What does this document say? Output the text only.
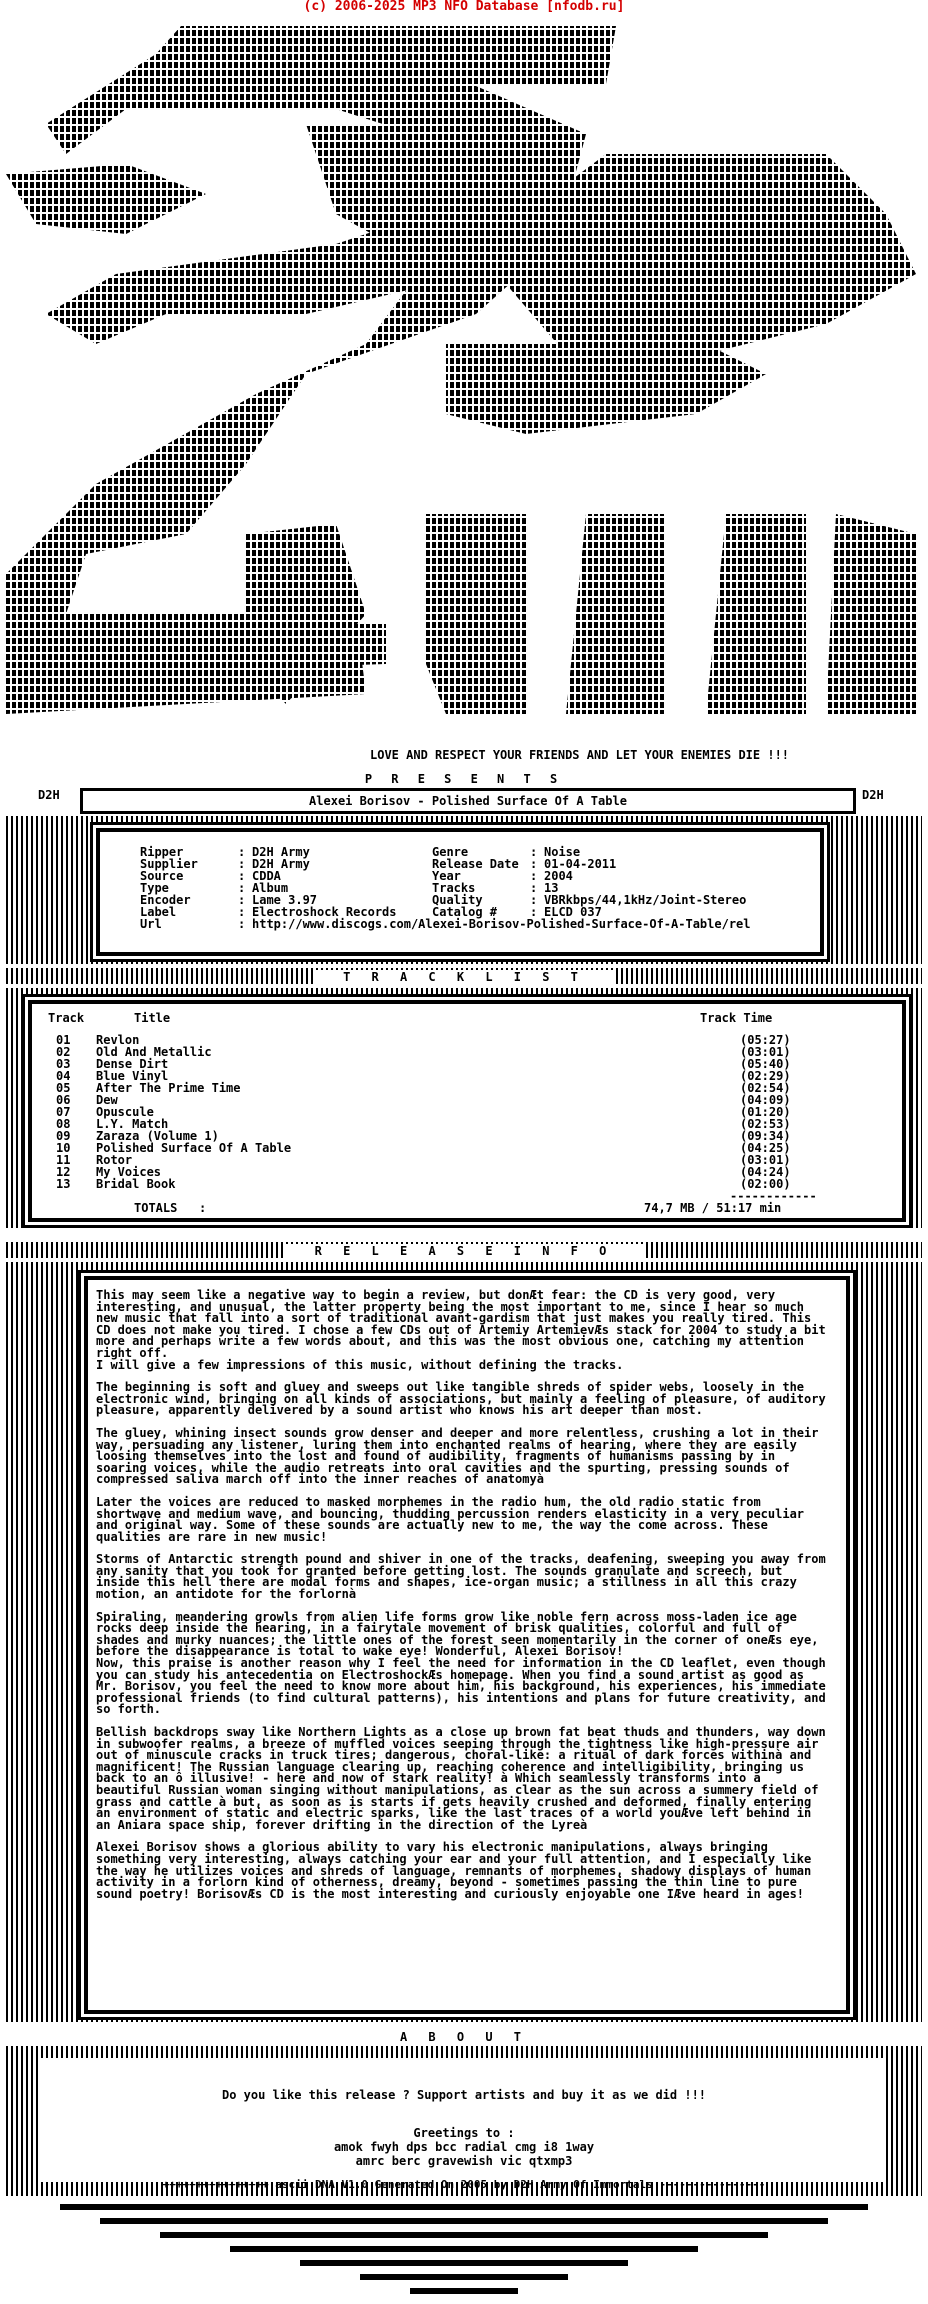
(c) 2006-2025 MP3 NFO Database [nfodb.ru]
LOVE AND RESPECT YOUR FRIENDS AND LET YOUR ENEMIES DIE !!!
P R E S E N T S
D2H	Alexei Borisov - Polished Surface Of A Table	D2H
Ripper	: D2H Army
Supplier	: D2H Army
Source	: CDDA
Type	: Album
Encoder	: Lame 3.97
Label	: Electroshock Records
Url	: http://www.discogs.com/Alexei-Borisov-Polished-Surface-Of-A-Table/rel
Genre	: Noise
Release Date : 01-04-2011
Year	: 2004
Tracks	: 13
Quality	: VBRkbps/44,1kHz/Joint-Stereo
Catalog #	: ELCD 037
T R A C K L I S T
Track	Title	Track Time
01 Revlon	(05:27)
02 Old And Metallic	(03:01)
03 Dense Dirt	(05:40)
04 Blue Vinyl	(02:29)
05 After The Prime Time	(02:54)
06 Dew	(04:09)
07 Opuscule	(01:20)
08 L.Y. Match	(02:53)
09 Zaraza (Volume 1)	(09:34)
10 Polished Surface Of A Table	(04:25)
11 Rotor	(03:01)
12 My Voices	(04:24)
13 Bridal Book	(02:00)
------------
TOTALS   :	74,7 MB / 51:17 min
R E L E A S E I N F O

This may seem like a negative way to begin a review, but donÆt fear: the CD is very good, very interesting, and unusual, the latter property being the most important to me, since I hear so much new music that fall into a sort of traditional avant-gardism that just makes you really tired. This CD does not make you tired. I chose a few CDs out of Artemiy ArtemievÆs stack for 2004 to study a bit more and perhaps write a few words about, and this was the most obvious one, catching my attention right off.
I will give a few impressions of this music, without defining the tracks.

The beginning is soft and gluey and sweeps out like tangible shreds of spider webs, loosely in the electronic wind, bringing on all kinds of associations, but mainly a feeling of pleasure, of auditory pleasure, apparently delivered by a sound artist who knows his art deeper than most.

The gluey, whining insect sounds grow denser and deeper and more relentless, crushing a lot in their way, persuading any listener, luring them into enchanted realms of hearing, where they are easily loosing themselves into the lost and found of audibility, fragments of humanisms passing by in soaring voices, while the audio retreats into oral cavities and the spurting, pressing sounds of compressed saliva march off into the inner reaches of anatomyà

Later the voices are reduced to masked morphemes in the radio hum, the old radio static from shortwave and medium wave, and bouncing, thudding percussion renders elasticity in a very peculiar and original way. Some of these sounds are actually new to me, the way the come across. These qualities are rare in new music!

Storms of Antarctic strength pound and shiver in one of the tracks, deafening, sweeping you away from any sanity that you took for granted before getting lost. The sounds granulate and screech, but inside this hell there are modal forms and shapes, ice-organ music; a stillness in all this crazy motion, an antidote for the forlornà

Spiraling, meandering growls from alien life forms grow like noble fern across moss-laden ice age rocks deep inside the hearing, in a fairytale movement of brisk qualities, colorful and full of shades and murky nuances; the little ones of the forest seen momentarily in the corner of oneÆs eye, before the disappearance is total to wake eye! Wonderful, Alexei Borisov!
Now, this praise is another reason why I feel the need for information in the CD leaflet, even though you can study his antecedentia on ElectroshockÆs homepage. When you find a sound artist as good as Mr. Borisov, you feel the need to know more about him, his background, his experiences, his immediate professional friends (to find cultural patterns), his intentions and plans for future creativity, and so forth.

Bellish backdrops sway like Northern Lights as a close up brown fat beat thuds and thunders, way down in subwoofer realms, a breeze of muffled voices seeping through the tightness like high-pressure air out of minuscule cracks in truck tires; dangerous, choral-like: a ritual of dark forces withinà and magnificent! The Russian language clearing up, reaching coherence and intelligibility, bringing us back to an ô illusive! - here and now of stark reality! à Which seamlessly transforms into a beautiful Russian woman singing without manipulations, as clear as the sun across a summery field of grass and cattle à but, as soon as is starts if gets heavily crushed and deformed, finally entering an environment of static and electric sparks, like the last traces of a world youÆve left behind in an Aniara space ship, forever drifting in the direction of the Lyreà

Alexei Borisov shows a glorious ability to vary his electronic manipulations, always bringing something very interesting, always catching your ear and your full attention, and I especially like the way he utilizes voices and shreds of language, remnants of morphemes, shadowy displays of human activity in a forlorn kind of otherness, dreamy, beyond - sometimes passing the thin line to pure sound poetry! BorisovÆs CD is the most interesting and curiously enjoyable one IÆve heard in ages!

A B O U T
Do you like this release ? Support artists and buy it as we did !!!
Greetings to :
amok fwyh dps bcc radial cmg i8 1way
amrc berc gravewish vic qtxmp3
++++++++++++++++ ascii DNA V1.0 Generated On 2005 by D2H Army Of Immortals ----------------
